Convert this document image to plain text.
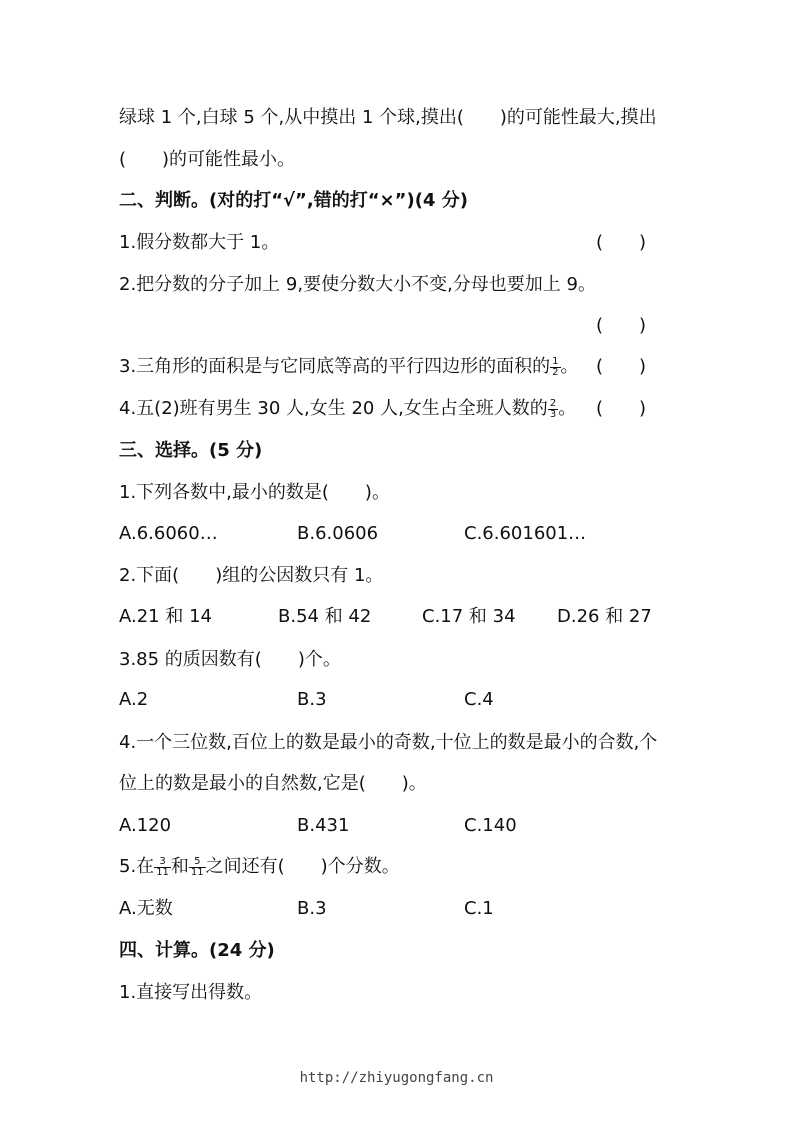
绿球 1 个,白球 5 个,从中摸出 1 个球,摸出(　　)的可能性最大,摸出
(　　)的可能性最小。
二、判断。(对的打“√”,错的打“×”)(4 分)
1.假分数都大于 1。	(　　)
2.把分数的分子加上 9,要使分数大小不变,分母也要加上 9。
(　　)
3.三角形的面积是与它同底等高的平行四边形的面积的 $\frac{1}{2}$ 。 (　　)
4.五(2)班有男生 30 人,女生 20 人,女生占全班人数的 $\frac{2}{3}$ 。 (　　)
三、选择。(5 分)
1.下列各数中,最小的数是(　　)。
A.6.6060…	B.6.0606	C.6.601601…
2.下面(　　)组的公因数只有 1。
A.21 和 14	B.54 和 42	C.17 和 34 D.26 和 27
3.85 的质因数有(　　)个。
A.2	B.3	C.4
4.一个三位数,百位上的数是最小的奇数,十位上的数是最小的合数,个
位上的数是最小的自然数,它是(　　)。
A.120	B.431	C.140
5.在 $\frac{3}{11}$ 和 $\frac{5}{11}$ 之间还有(　　)个分数。
A.无数	B.3	C.1
四、计算。(24 分)
1.直接写出得数。
http://zhiyugongfang.cn
